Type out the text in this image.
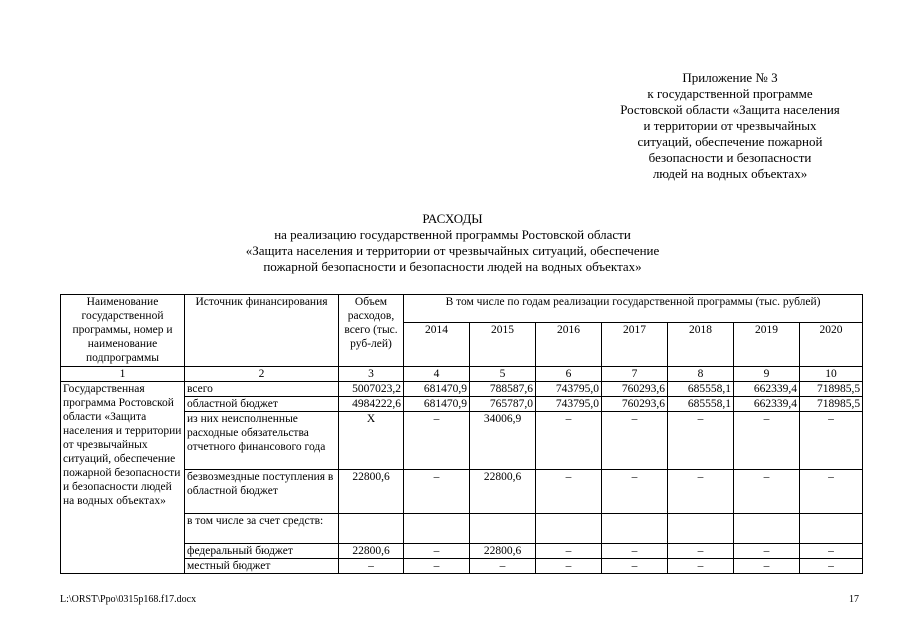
Приложение № 3
к государственной программе
Ростовской области «Защита населения
и территории от чрезвычайных
ситуаций, обеспечение пожарной
безопасности и безопасности
людей на водных объектах»
РАСХОДЫ
на реализацию государственной программы Ростовской области
«Защита населения и территории от чрезвычайных ситуаций, обеспечение
пожарной безопасности и безопасности людей на водных объектах»
Наименование государственной программы, номер и наименование подпрограммы	Источник финансирования	Объем расходов, всего (тыс. руб-лей)	В том числе по годам реализации государственной программы (тыс. рублей)						
			2014	2015	2016	2017	2018	2019	2020
1	2	3	4	5	6	7	8	9	10
Государственная программа Ростовской области «Защита населения и территории от чрезвычайных ситуаций, обеспечение пожарной безопасности и безопасности людей на водных объектах»	всего	5007023,2	681470,9	788587,6	743795,0	760293,6	685558,1	662339,4	718985,5
	областной бюджет	4984222,6	681470,9	765787,0	743795,0	760293,6	685558,1	662339,4	718985,5
	из них неисполненные расходные обязательства отчетного финансового года	Х	–	34006,9	–	–	–	–	–
	безвозмездные поступления в областной бюджет	22800,6	–	22800,6	–	–	–	–	–
	в том числе за счет средств:								
	федеральный бюджет	22800,6	–	22800,6	–	–	–	–	–
	местный бюджет	–	–	–	–	–	–	–	–
L:\ORST\Ppo\0315p168.f17.docx	17
